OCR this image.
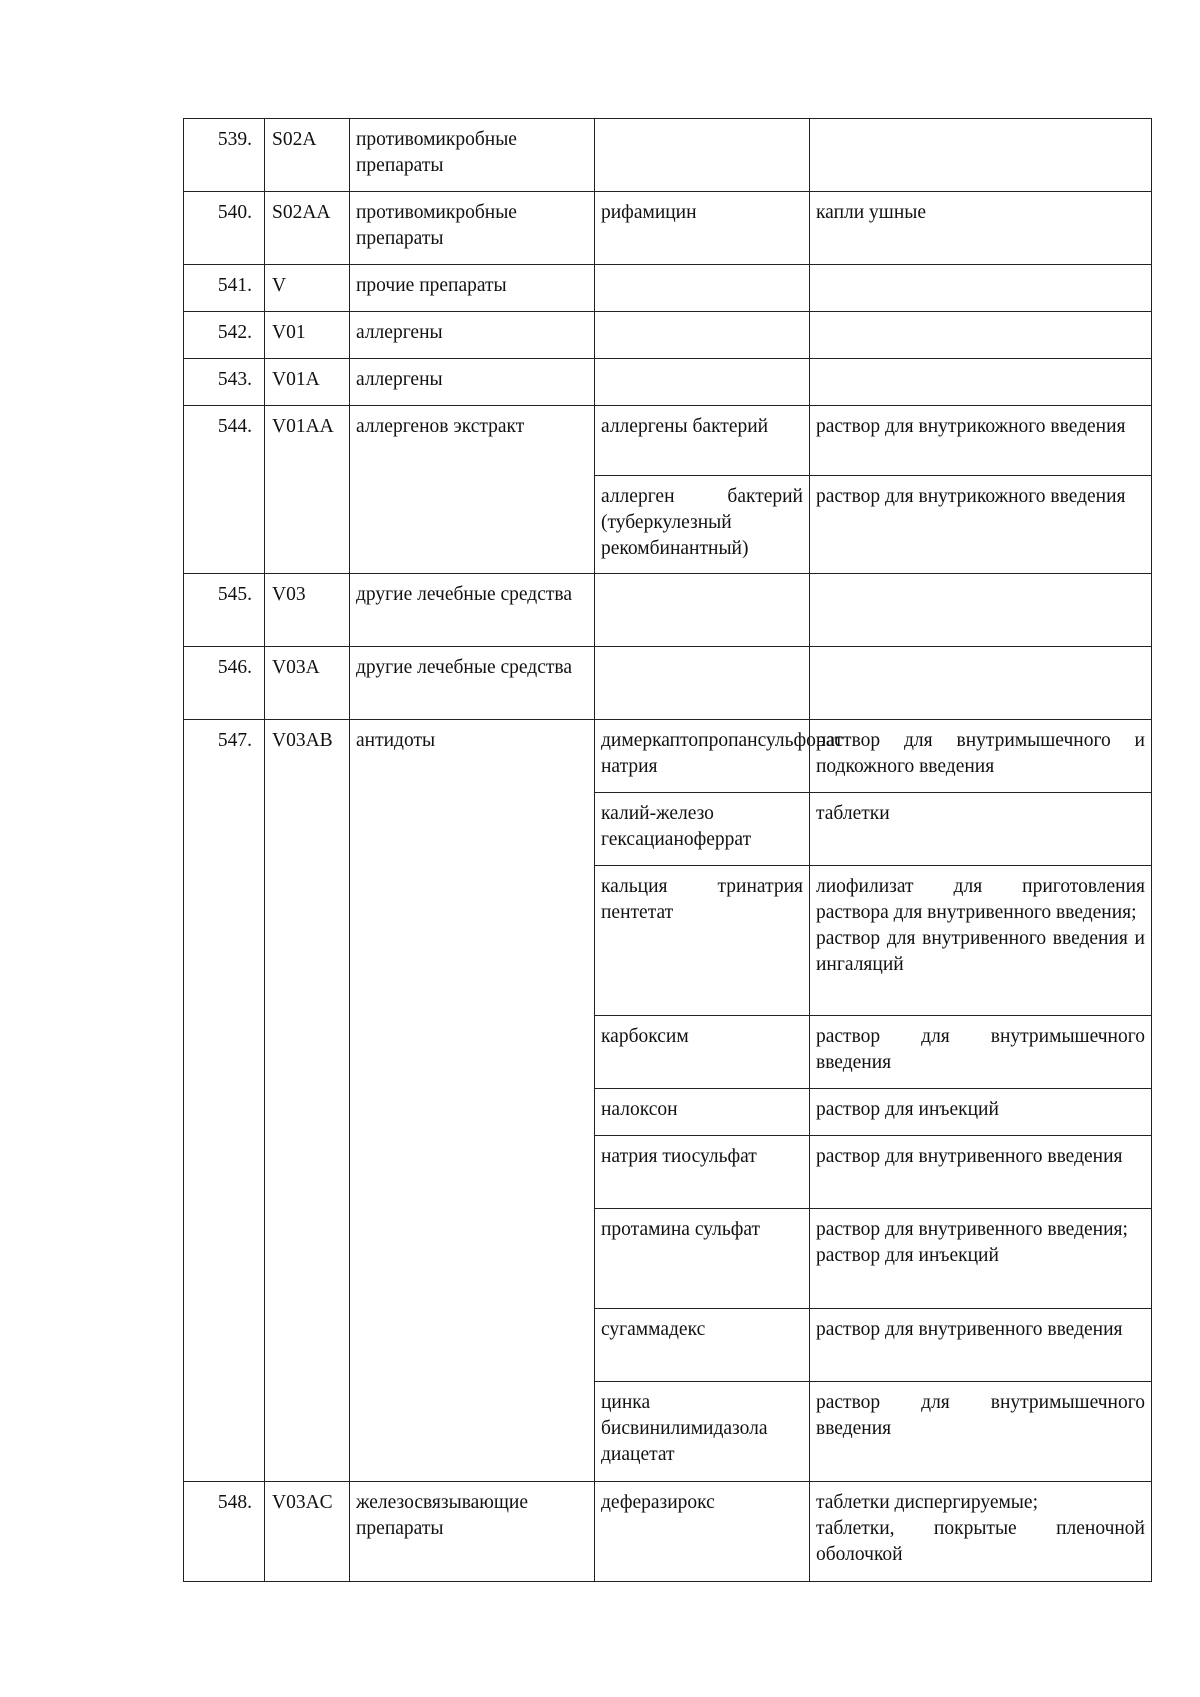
539.	S02A	противомикробные препараты		
540.	S02AA	противомикробные препараты	рифамицин	капли ушные

541.	V	прочие препараты		
542.	V01	аллергены		
543.	V01A	аллергены		
544.	V01AA	аллергенов экстракт	аллергены бактерий	раствор для внутрикожного введения

			аллерген бактерий (туберкулезный рекомбинантный)	раствор для внутрикожного введения

545.	V03	другие лечебные средства		
546.	V03A	другие лечебные средства		
547.	V03AB	антидоты	димеркаптопропансульфонат натрия	раствор для внутримышечного и подкожного введения

			калий-железо гексацианоферрат	таблетки

			кальция тринатрия пентетат	лиофилизат для приготовления раствора для внутривенного введения;
раствор для внутривенного введения и ингаляций

			карбоксим	раствор для внутримышечного введения

			налоксон	раствор для инъекций

			натрия тиосульфат	раствор для внутривенного введения

			протамина сульфат	раствор для внутривенного введения;
раствор для инъекций

			сугаммадекс	раствор для внутривенного введения

			цинка бисвинилимидазола диацетат	раствор для внутримышечного введения

548.	V03AC	железосвязывающие препараты	деферазирокс	таблетки диспергируемые;
таблетки, покрытые пленочной оболочкой
